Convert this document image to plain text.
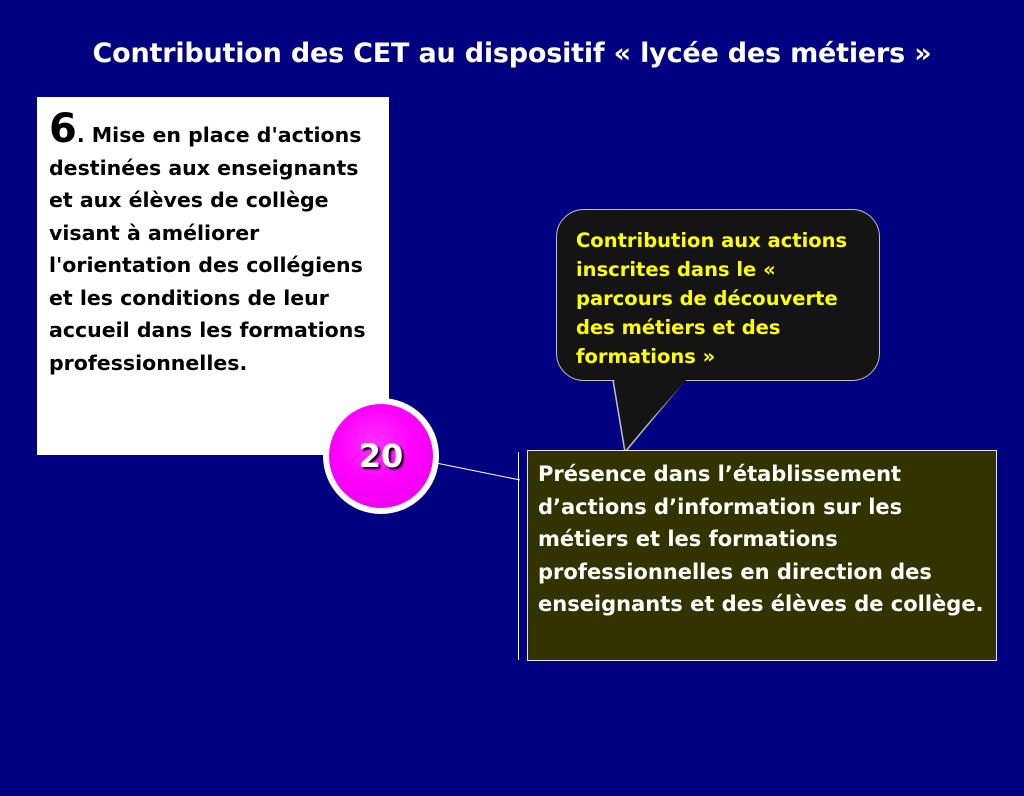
Contribution des CET au dispositif « lycée des métiers »
6. Mise en place d'actions destinées aux enseignants et aux élèves de collège visant à améliorer l'orientation des collégiens et les conditions de leur accueil dans les formations professionnelles.
Contribution aux actions inscrites dans le « parcours de découverte des métiers et des formations »
Présence dans l’établissement d’actions d’information sur les métiers et les formations professionnelles en direction des enseignants et des élèves de collège.
20
